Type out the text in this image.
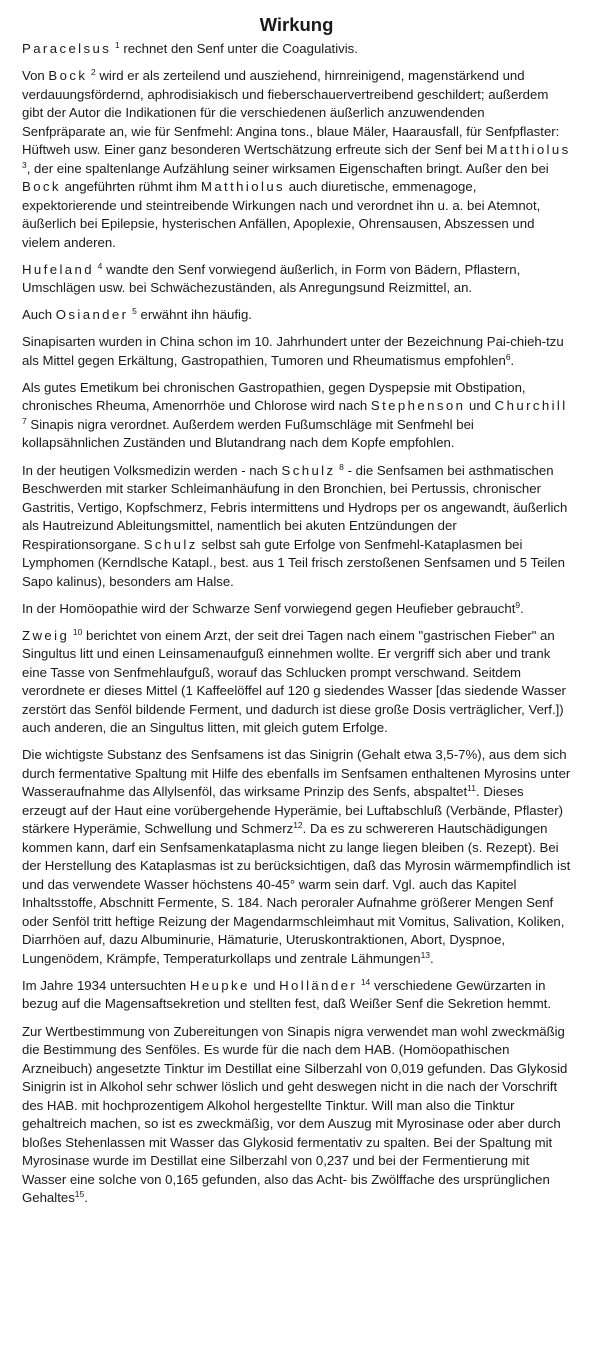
Wirkung

Paracelsus $^1$ rechnet den Senf unter die Coagulativis.

Von Bock $^2$ wird er als zerteilend und ausziehend, hirnreinigend, magenstärkend und verdauungsfördernd, aphrodisiakisch und fieberschauervertreibend geschildert; außerdem gibt der Autor die Indikationen für die verschiedenen äußerlich anzuwendenden Senfpräparate an, wie für Senfmehl: Angina tons., blaue Mäler, Haarausfall, für Senfpflaster: Hüftweh usw. Einer ganz besonderen Wertschätzung erfreute sich der Senf bei Matthiolus $^3$, der eine spaltenlange Aufzählung seiner wirksamen Eigenschaften bringt. Außer den bei Bock angeführten rühmt ihm Matthiolus auch diuretische, emmenagoge, expektorierende und steintreibende Wirkungen nach und verordnet ihn u. a. bei Atemnot, äußerlich bei Epilepsie, hysterischen Anfällen, Apoplexie, Ohrensausen, Abszessen und vielem anderen.

Hufeland $^4$ wandte den Senf vorwiegend äußerlich, in Form von Bädern, Pflastern, Umschlägen usw. bei Schwächezuständen, als Anregungsund Reizmittel, an.

Auch Osiander $^5$ erwähnt ihn häufig.

Sinapisarten wurden in China schon im 10. Jahrhundert unter der Bezeichnung Pai-chieh-tzu als Mittel gegen Erkältung, Gastropathien, Tumoren und Rheumatismus empfohlen$^6$.

Als gutes Emetikum bei chronischen Gastropathien, gegen Dyspepsie mit Obstipation, chronisches Rheuma, Amenorrhöe und Chlorose wird nach Stephenson und Churchill $^7$ Sinapis nigra verordnet. Außerdem werden Fußumschläge mit Senfmehl bei kollapsähnlichen Zuständen und Blutandrang nach dem Kopfe empfohlen.

In der heutigen Volksmedizin werden - nach Schulz $^8$ - die Senfsamen bei asthmatischen Beschwerden mit starker Schleimanhäufung in den Bronchien, bei Pertussis, chronischer Gastritis, Vertigo, Kopfschmerz, Febris intermittens und Hydrops per os angewandt, äußerlich als Hautreizund Ableitungsmittel, namentlich bei akuten Entzündungen der Respirationsorgane. Schulz selbst sah gute Erfolge von Senfmehl-Kataplasmen bei Lymphomen (Kerndlsche Katapl., best. aus 1 Teil frisch zerstoßenen Senfsamen und 5 Teilen Sapo kalinus), besonders am Halse.

In der Homöopathie wird der Schwarze Senf vorwiegend gegen Heufieber gebraucht$^9$.

Zweig $^{10}$ berichtet von einem Arzt, der seit drei Tagen nach einem "gastrischen Fieber" an Singultus litt und einen Leinsamenaufguß einnehmen wollte. Er vergriff sich aber und trank eine Tasse von Senfmehlaufguß, worauf das Schlucken prompt verschwand. Seitdem verordnete er dieses Mittel (1 Kaffeelöffel auf 120 g siedendes Wasser [das siedende Wasser zerstört das Senföl bildende Ferment, und dadurch ist diese große Dosis verträglicher, Verf.]) auch anderen, die an Singultus litten, mit gleich gutem Erfolge.

Die wichtigste Substanz des Senfsamens ist das Sinigrin (Gehalt etwa 3,5-7%), aus dem sich durch fermentative Spaltung mit Hilfe des ebenfalls im Senfsamen enthaltenen Myrosins unter Wasseraufnahme das Allylsenföl, das wirksame Prinzip des Senfs, abspaltet$^{11}$. Dieses erzeugt auf der Haut eine vorübergehende Hyperämie, bei Luftabschluß (Verbände, Pflaster) stärkere Hyperämie, Schwellung und Schmerz$^{12}$. Da es zu schwereren Hautschädigungen kommen kann, darf ein Senfsamenkataplasma nicht zu lange liegen bleiben (s. Rezept). Bei der Herstellung des Kataplasmas ist zu berücksichtigen, daß das Myrosin wärmempfindlich ist und das verwendete Wasser höchstens 40-45° warm sein darf. Vgl. auch das Kapitel Inhaltsstoffe, Abschnitt Fermente, S. 184. Nach peroraler Aufnahme größerer Mengen Senf oder Senföl tritt heftige Reizung der Magendarmschleimhaut mit Vomitus, Salivation, Koliken, Diarrhöen auf, dazu Albuminurie, Hämaturie, Uteruskontraktionen, Abort, Dyspnoe, Lungenödem, Krämpfe, Temperaturkollaps und zentrale Lähmungen$^{13}$.

Im Jahre 1934 untersuchten Heupke und Holländer $^{14}$ verschiedene Gewürzarten in bezug auf die Magensaftsekretion und stellten fest, daß Weißer Senf die Sekretion hemmt.

Zur Wertbestimmung von Zubereitungen von Sinapis nigra verwendet man wohl zweckmäßig die Bestimmung des Senföles. Es wurde für die nach dem HAB. (Homöopathischen Arzneibuch) angesetzte Tinktur im Destillat eine Silberzahl von 0,019 gefunden. Das Glykosid Sinigrin ist in Alkohol sehr schwer löslich und geht deswegen nicht in die nach der Vorschrift des HAB. mit hochprozentigem Alkohol hergestellte Tinktur. Will man also die Tinktur gehaltreich machen, so ist es zweckmäßig, vor dem Auszug mit Myrosinase oder aber durch bloßes Stehenlassen mit Wasser das Glykosid fermentativ zu spalten. Bei der Spaltung mit Myrosinase wurde im Destillat eine Silberzahl von 0,237 und bei der Fermentierung mit Wasser eine solche von 0,165 gefunden, also das Acht- bis Zwölffache des ursprünglichen Gehaltes$^{15}$.
